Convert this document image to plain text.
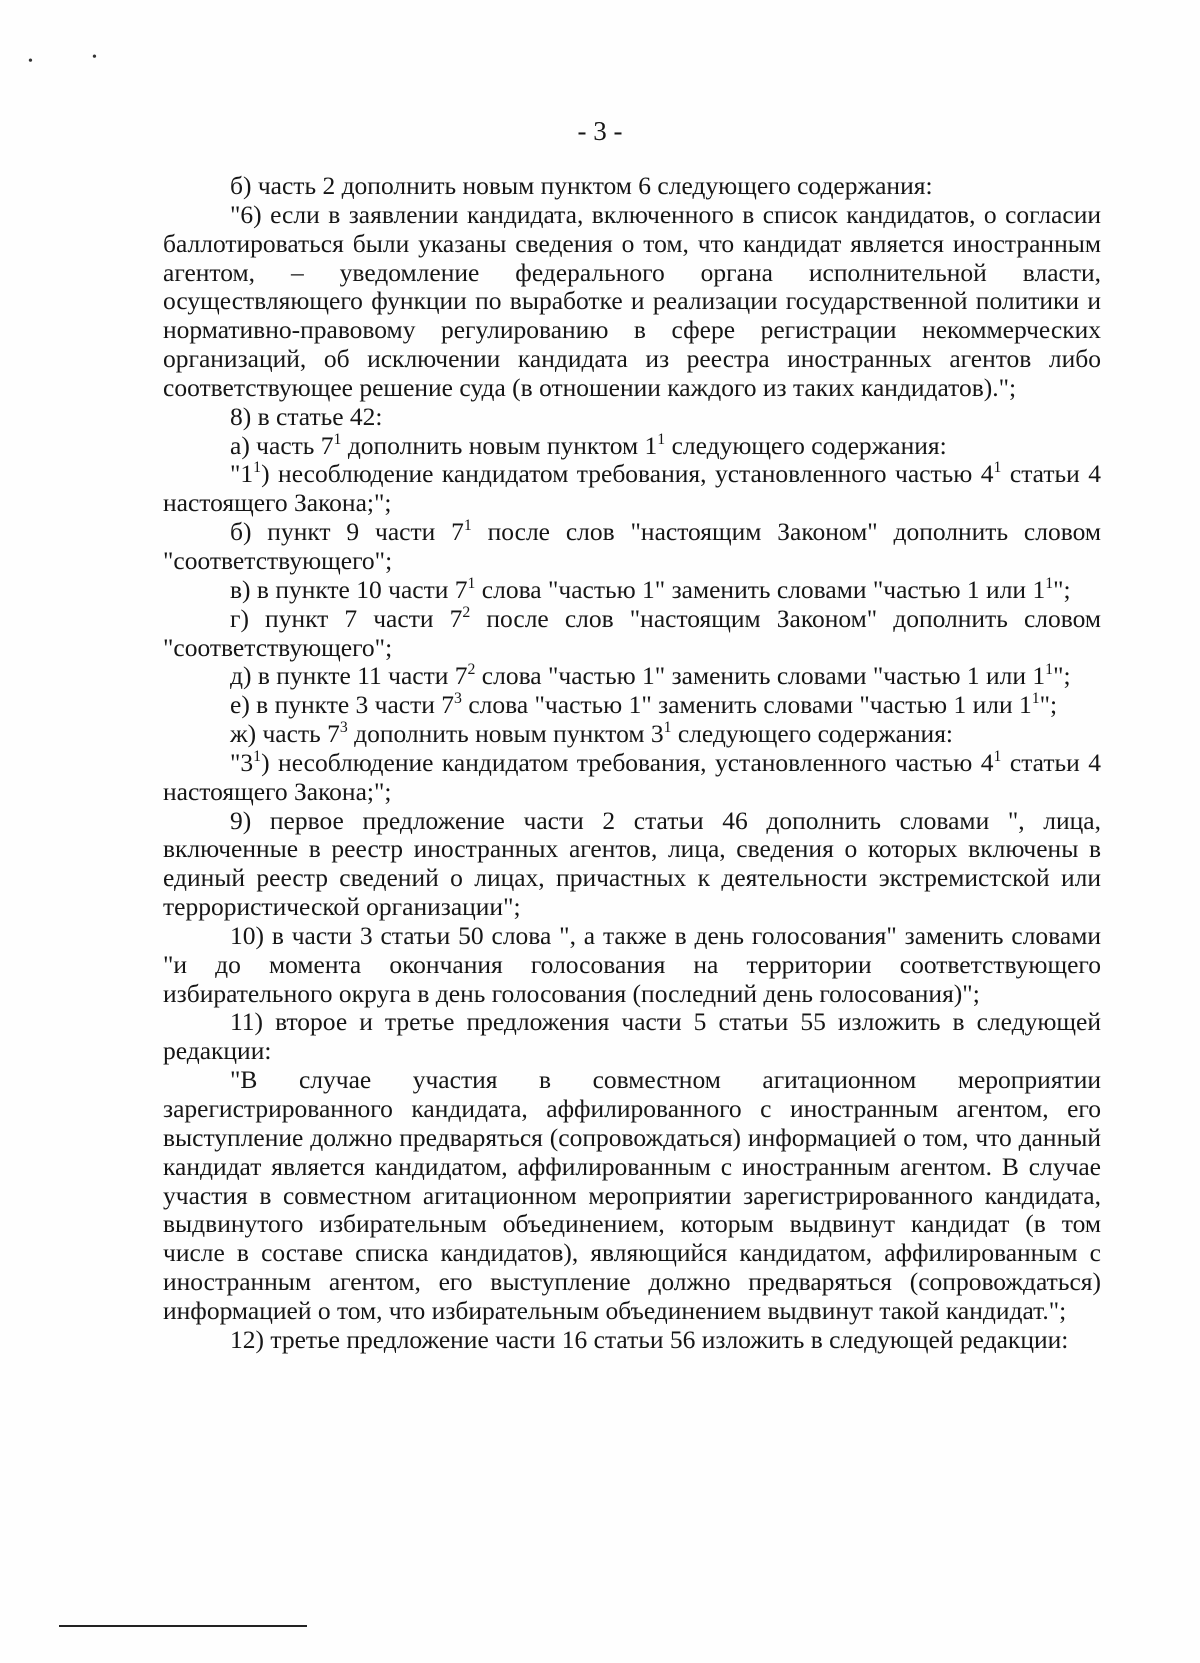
•	•
- 3 -

б) часть 2 дополнить новым пунктом 6 следующего содержания:

"6) если в заявлении кандидата, включенного в список кандидатов, о согласии баллотироваться были указаны сведения о том, что кандидат является иностранным агентом, – уведомление федерального органа исполнительной власти, осуществляющего функции по выработке и реализации государственной политики и нормативно-правовому регулированию в сфере регистрации некоммерческих организаций, об исключении кандидата из реестра иностранных агентов либо соответствующее решение суда (в отношении каждого из таких кандидатов).";

8) в статье 42:

а) часть $7^1$ дополнить новым пунктом $1^1$ следующего содержания:

"$1^1$) несоблюдение кандидатом требования, установленного частью $4^1$ статьи 4 настоящего Закона;";

б) пункт 9 части $7^1$ после слов "настоящим Законом" дополнить словом "соответствующего";

в) в пункте 10 части $7^1$ слова "частью 1" заменить словами "частью 1 или $1^1$";

г) пункт 7 части $7^2$ после слов "настоящим Законом" дополнить словом "соответствующего";

д) в пункте 11 части $7^2$ слова "частью 1" заменить словами "частью 1 или $1^1$";

е) в пункте 3 части $7^3$ слова "частью 1" заменить словами "частью 1 или $1^1$";

ж) часть $7^3$ дополнить новым пунктом $3^1$ следующего содержания:

"$3^1$) несоблюдение кандидатом требования, установленного частью $4^1$ статьи 4 настоящего Закона;";

9) первое предложение части 2 статьи 46 дополнить словами ", лица, включенные в реестр иностранных агентов, лица, сведения о которых включены в единый реестр сведений о лицах, причастных к деятельности экстремистской или террористической организации";

10) в части 3 статьи 50 слова ", а также в день голосования" заменить словами "и до момента окончания голосования на территории соответствующего избирательного округа в день голосования (последний день голосования)";

11) второе и третье предложения части 5 статьи 55 изложить в следующей редакции:

"В случае участия в совместном агитационном мероприятии зарегистрированного кандидата, аффилированного с иностранным агентом, его выступление должно предваряться (сопровождаться) информацией о том, что данный кандидат является кандидатом, аффилированным с иностранным агентом. В случае участия в совместном агитационном мероприятии зарегистрированного кандидата, выдвинутого избирательным объединением, которым выдвинут кандидат (в том числе в составе списка кандидатов), являющийся кандидатом, аффилированным с иностранным агентом, его выступление должно предваряться (сопровождаться) информацией о том, что избирательным объединением выдвинут такой кандидат.";

12) третье предложение части 16 статьи 56 изложить в следующей редакции:
